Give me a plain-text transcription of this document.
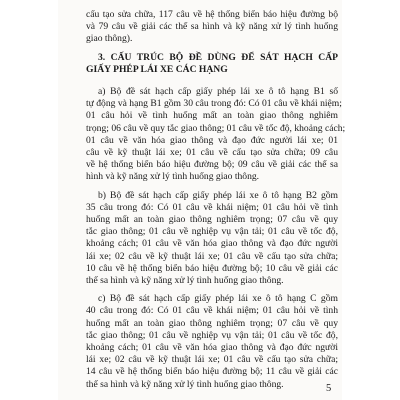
cấu tạo sửa chữa, 117 câu về hệ thống biển báo hiệu đường bộ
và 79 câu về giải các thế sa hình và kỹ năng xử lý tình huống
giao thông).
3. CẤU TRÚC BỘ ĐỀ DÙNG ĐỂ SÁT HẠCH CẤP
GIẤY PHÉP LÁI XE CÁC HẠNG
a) Bộ đề sát hạch cấp giấy phép lái xe ô tô hạng B1 số
tự động và hạng B1 gồm 30 câu trong đó: Có 01 câu về khái niệm;
01 câu hỏi về tình huống mất an toàn giao thông nghiêm
trọng; 06 câu về quy tắc giao thông; 01 câu về tốc độ, khoảng cách;
01 câu về văn hóa giao thông và đạo đức người lái xe; 01
câu về kỹ thuật lái xe; 01 câu về cấu tạo sửa chữa; 09 câu
về hệ thống biển báo hiệu đường bộ; 09 câu về giải các thế sa
hình và kỹ năng xử lý tình huống giao thông.
b) Bộ đề sát hạch cấp giấy phép lái xe ô tô hạng B2 gồm
35 câu trong đó: Có 01 câu về khái niệm; 01 câu hỏi về tình
huống mất an toàn giao thông nghiêm trọng; 07 câu về quy
tắc giao thông; 01 câu về nghiệp vụ vận tải; 01 câu về tốc độ,
khoảng cách; 01 câu về văn hóa giao thông và đạo đức người
lái xe; 02 câu về kỹ thuật lái xe; 01 câu về cấu tạo sửa chữa;
10 câu về hệ thống biển báo hiệu đường bộ; 10 câu về giải các
thế sa hình và kỹ năng xử lý tình huống giao thông.
c) Bộ đề sát hạch cấp giấy phép lái xe ô tô hạng C gồm
40 câu trong đó: Có 01 câu về khái niệm; 01 câu hỏi về tình
huống mất an toàn giao thông nghiêm trọng; 07 câu về quy
tắc giao thông; 01 câu về nghiệp vụ vận tải; 01 câu về tốc độ,
khoảng cách; 01 câu về văn hóa giao thông và đạo đức người
lái xe; 02 câu về kỹ thuật lái xe; 01 câu về cấu tạo sửa chữa;
14 câu về hệ thống biển báo hiệu đường bộ; 11 câu về giải các
thế sa hình và kỹ năng xử lý tình huống giao thông.	5
